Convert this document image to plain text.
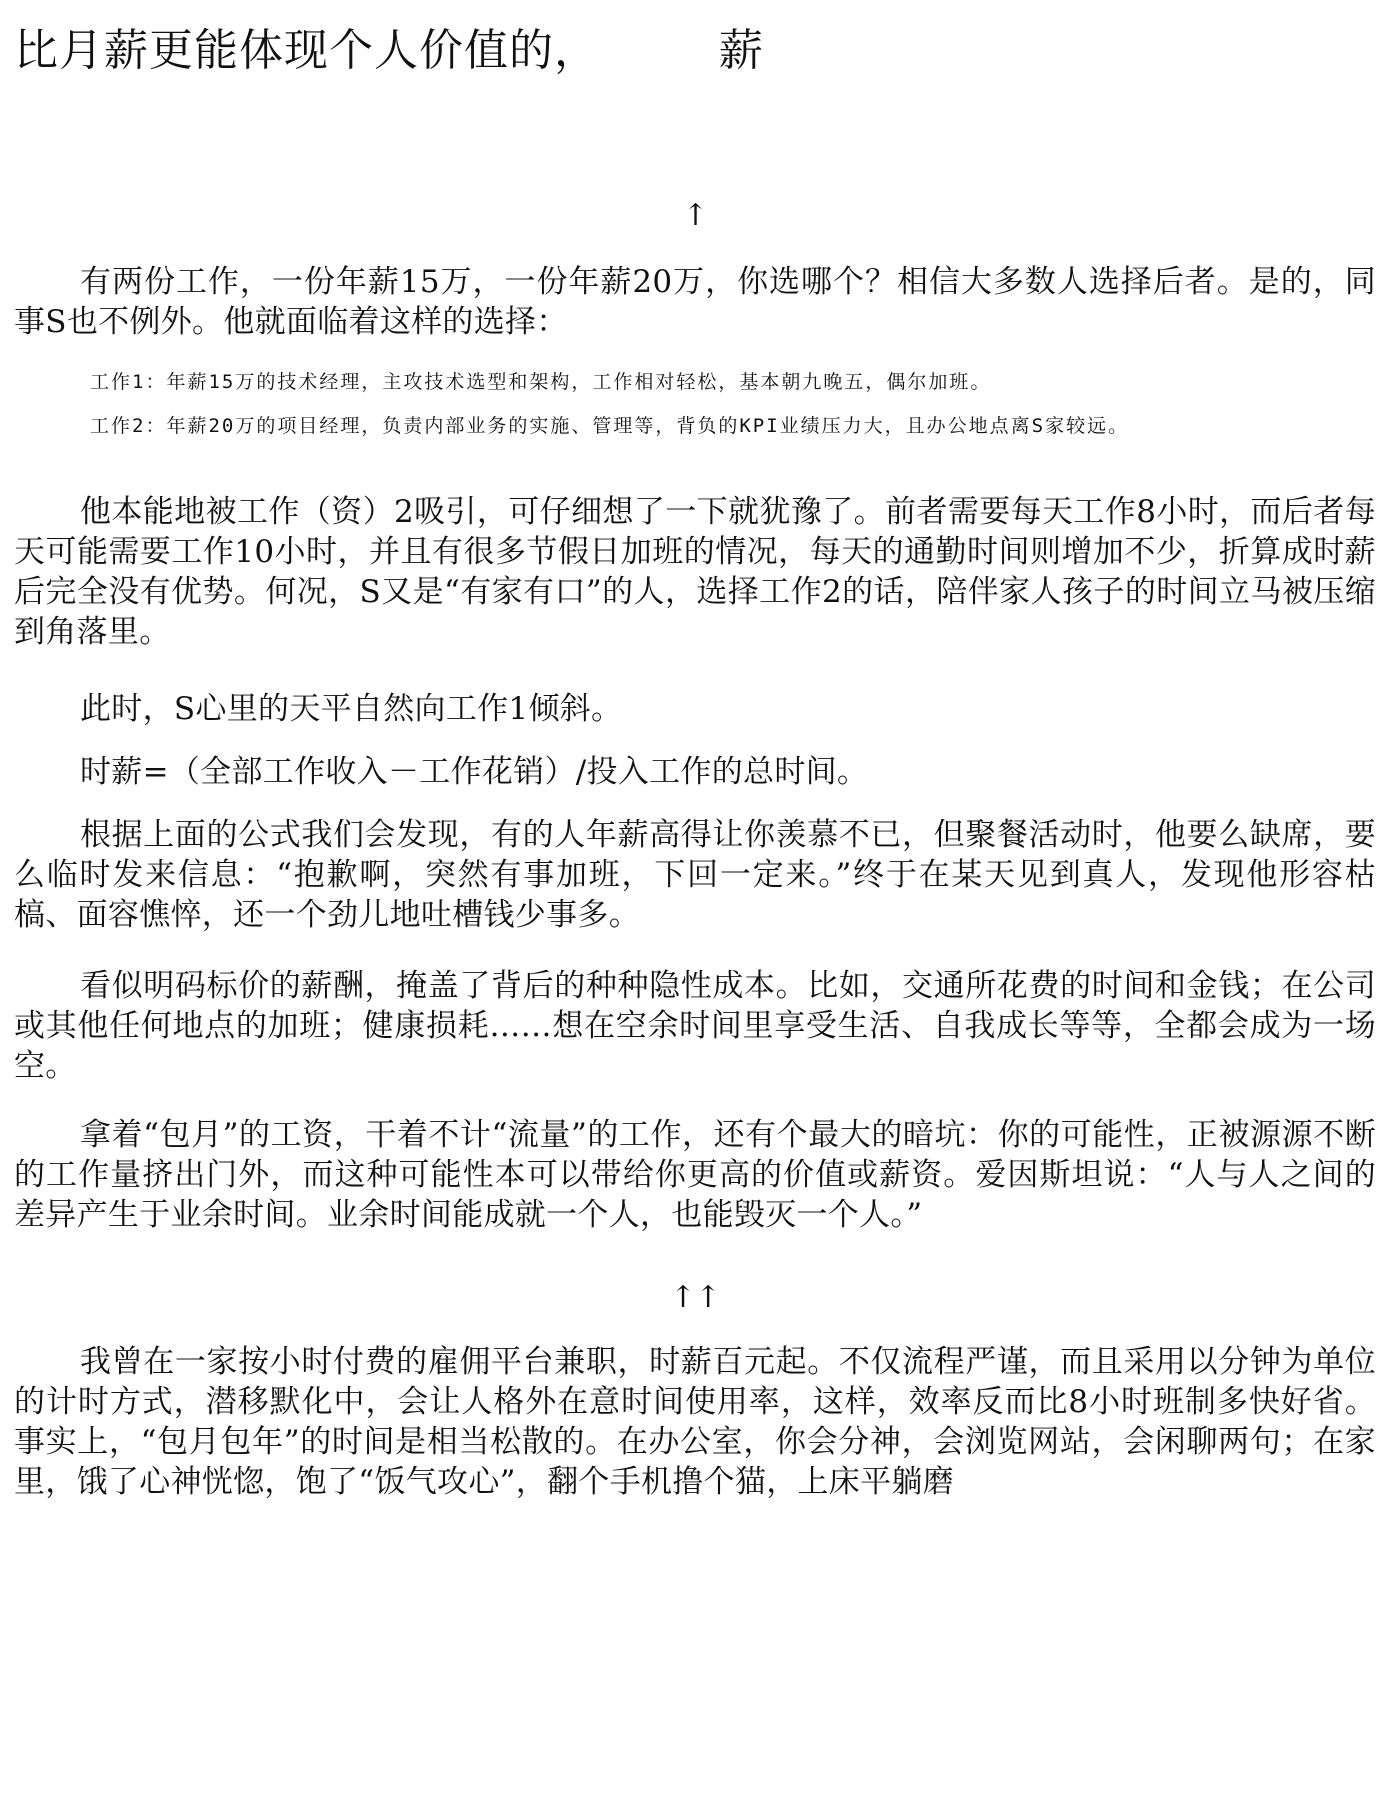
比月薪更能体现个人价值的，        薪
↑

有两份工作，一份年薪15万，一份年薪20万，你选哪个？相信大多数人选择后者。是的，同事S也不例外。他就面临着这样的选择：

工作1：年薪15万的技术经理，主攻技术选型和架构，工作相对轻松，基本朝九晚五，偶尔加班。

工作2：年薪20万的项目经理，负责内部业务的实施、管理等，背负的KPI业绩压力大，且办公地点离S家较远。

他本能地被工作（资）2吸引，可仔细想了一下就犹豫了。前者需要每天工作8小时，而后者每天可能需要工作10小时，并且有很多节假日加班的情况，每天的通勤时间则增加不少，折算成时薪后完全没有优势。何况，S又是“有家有口”的人，选择工作2的话，陪伴家人孩子的时间立马被压缩到角落里。

此时，S心里的天平自然向工作1倾斜。

时薪=（全部工作收入－工作花销）/投入工作的总时间。

根据上面的公式我们会发现，有的人年薪高得让你羡慕不已，但聚餐活动时，他要么缺席，要么临时发来信息：“抱歉啊，突然有事加班，下回一定来。”终于在某天见到真人，发现他形容枯槁、面容憔悴，还一个劲儿地吐槽钱少事多。

看似明码标价的薪酬，掩盖了背后的种种隐性成本。比如，交通所花费的时间和金钱；在公司或其他任何地点的加班；健康损耗……想在空余时间里享受生活、自我成长等等，全都会成为一场空。

拿着“包月”的工资，干着不计“流量”的工作，还有个最大的暗坑：你的可能性，正被源源不断的工作量挤出门外，而这种可能性本可以带给你更高的价值或薪资。爱因斯坦说：“人与人之间的差异产生于业余时间。业余时间能成就一个人，也能毁灭一个人。”

↑↑

我曾在一家按小时付费的雇佣平台兼职，时薪百元起。不仅流程严谨，而且采用以分钟为单位的计时方式，潜移默化中，会让人格外在意时间使用率，这样，效率反而比8小时班制多快好省。事实上，“包月包年”的时间是相当松散的。在办公室，你会分神，会浏览网站，会闲聊两句；在家里，饿了心神恍惚，饱了“饭气攻心”，翻个手机撸个猫，上床平躺磨
